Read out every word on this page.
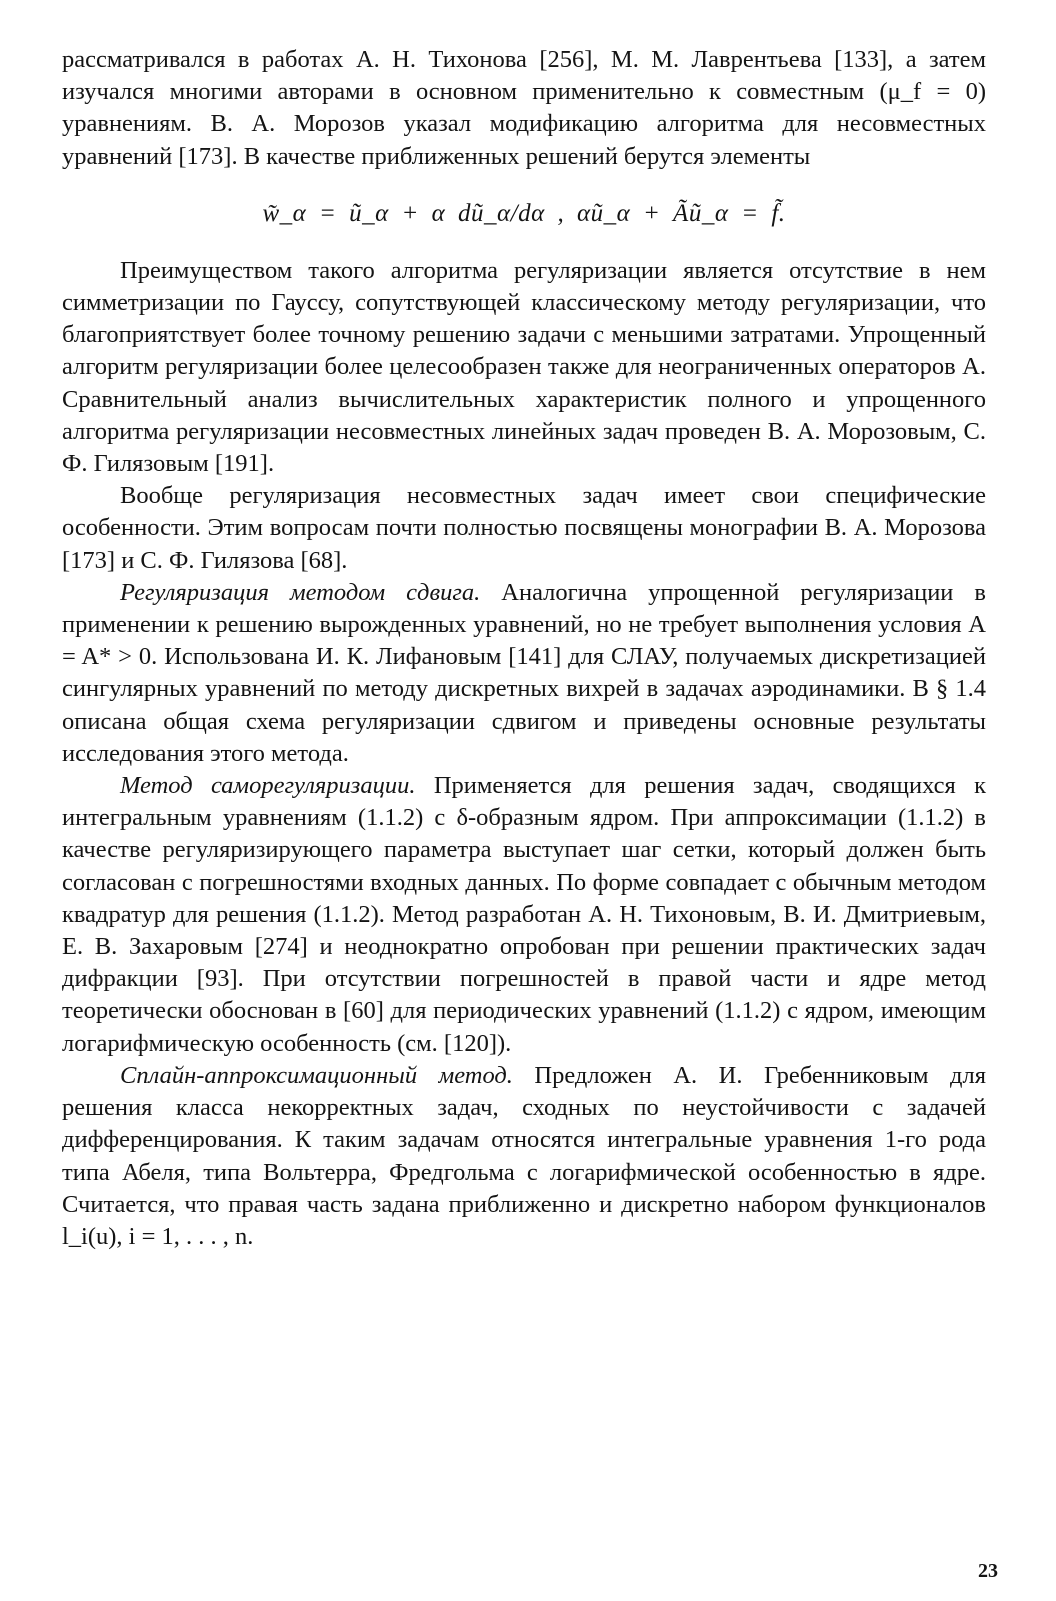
рассматривался в работах А. Н. Тихонова [256], М. М. Лаврентьева [133], а затем изучался многими авторами в основном применительно к совместным (μ_f = 0) уравнениям. В. А. Морозов указал модификацию алгоритма для несовместных уравнений [173]. В качестве приближенных решений берутся элементы

w̃_α = ũ_α + α dũ_α/dα , αũ_α + Ãũ_α = f̃.

Преимуществом такого алгоритма регуляризации является отсутствие в нем симметризации по Гауссу, сопутствующей классическому методу регуляризации, что благоприятствует более точному решению задачи с меньшими затратами. Упрощенный алгоритм регуляризации более целесообразен также для неограниченных операторов A. Сравнительный анализ вычислительных характеристик полного и упрощенного алгоритма регуляризации несовместных линейных задач проведен В. А. Морозовым, С. Ф. Гилязовым [191].

Вообще регуляризация несовместных задач имеет свои специфические особенности. Этим вопросам почти полностью посвящены монографии В. А. Морозова [173] и С. Ф. Гилязова [68].

Регуляризация методом сдвига. Аналогична упрощенной регуляризации в применении к решению вырожденных уравнений, но не требует выполнения условия A = A* > 0. Использована И. К. Лифановым [141] для СЛАУ, получаемых дискретизацией сингулярных уравнений по методу дискретных вихрей в задачах аэродинамики. В § 1.4 описана общая схема регуляризации сдвигом и приведены основные результаты исследования этого метода.

Метод саморегуляризации. Применяется для решения задач, сводящихся к интегральным уравнениям (1.1.2) с δ-образным ядром. При аппроксимации (1.1.2) в качестве регуляризирующего параметра выступает шаг сетки, который должен быть согласован с погрешностями входных данных. По форме совпадает с обычным методом квадратур для решения (1.1.2). Метод разработан А. Н. Тихоновым, В. И. Дмитриевым, Е. В. Захаровым [274] и неоднократно опробован при решении практических задач дифракции [93]. При отсутствии погрешностей в правой части и ядре метод теоретически обоснован в [60] для периодических уравнений (1.1.2) с ядром, имеющим логарифмическую особенность (см. [120]).

Сплайн-аппроксимационный метод. Предложен А. И. Гребенниковым для решения класса некорректных задач, сходных по неустойчивости с задачей дифференцирования. К таким задачам относятся интегральные уравнения 1-го рода типа Абеля, типа Вольтерра, Фредгольма с логарифмической особенностью в ядре. Считается, что правая часть задана приближенно и дискретно набором функционалов l_i(u), i = 1, . . . , n.

23
